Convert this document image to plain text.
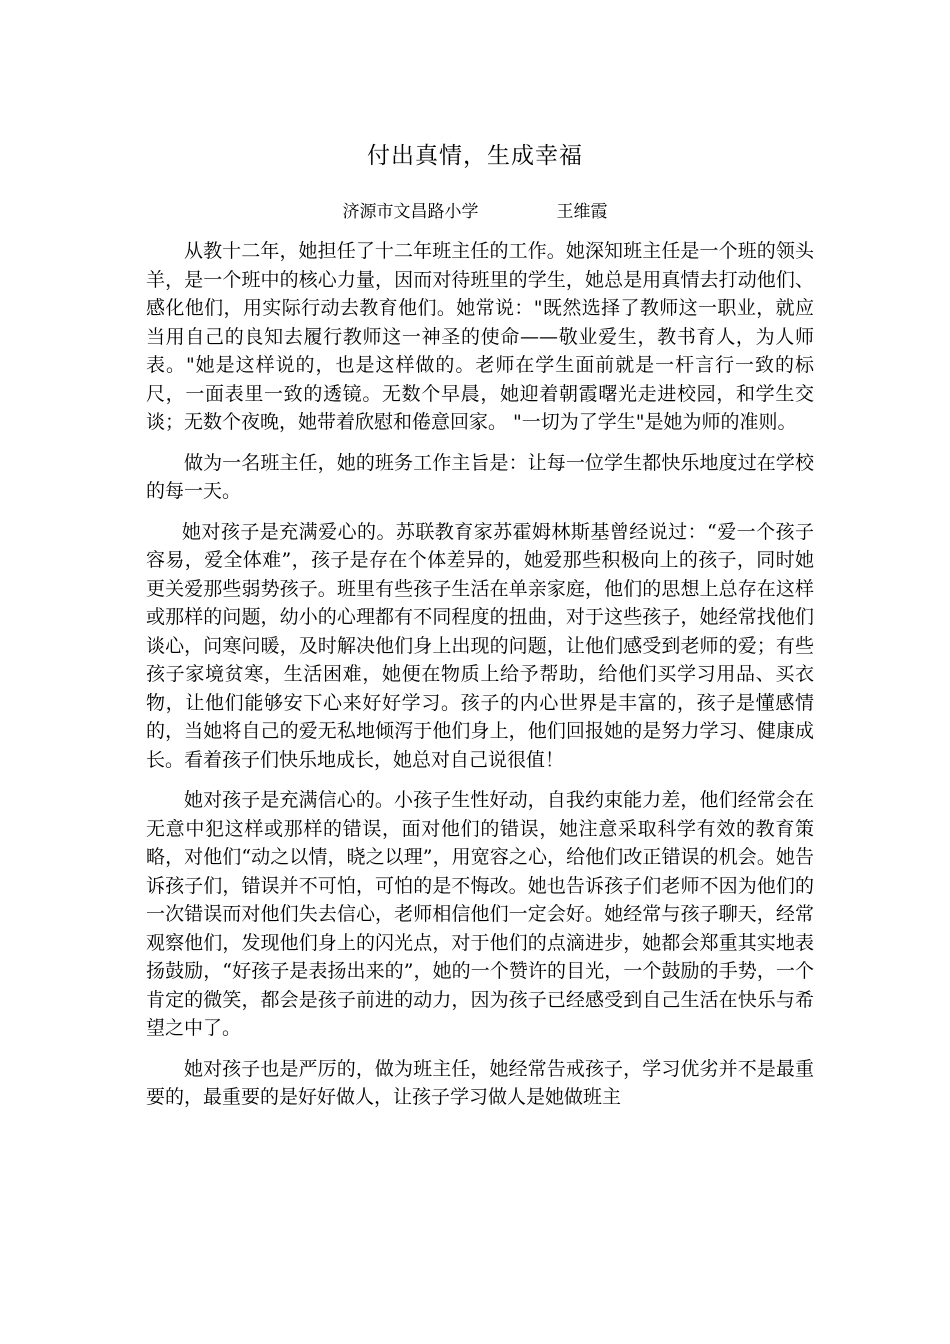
付出真情，生成幸福
济源市文昌路小学	王维霞

从教十二年，她担任了十二年班主任的工作。她深知班主任是一个班的领头羊，是一个班中的核心力量，因而对待班里的学生，她总是用真情去打动他们、感化他们，用实际行动去教育他们。她常说："既然选择了教师这一职业，就应当用自己的良知去履行教师这一神圣的使命——敬业爱生，教书育人，为人师表。"她是这样说的，也是这样做的。老师在学生面前就是一杆言行一致的标尺，一面表里一致的透镜。无数个早晨，她迎着朝霞曙光走进校园，和学生交谈；无数个夜晚，她带着欣慰和倦意回家。 "一切为了学生"是她为师的准则。

做为一名班主任，她的班务工作主旨是：让每一位学生都快乐地度过在学校的每一天。

她对孩子是充满爱心的。苏联教育家苏霍姆林斯基曾经说过：“爱一个孩子容易，爱全体难”，孩子是存在个体差异的，她爱那些积极向上的孩子，同时她更关爱那些弱势孩子。班里有些孩子生活在单亲家庭，他们的思想上总存在这样或那样的问题，幼小的心理都有不同程度的扭曲，对于这些孩子，她经常找他们谈心，问寒问暖，及时解决他们身上出现的问题，让他们感受到老师的爱；有些孩子家境贫寒，生活困难，她便在物质上给予帮助，给他们买学习用品、买衣物，让他们能够安下心来好好学习。孩子的内心世界是丰富的，孩子是懂感情的，当她将自己的爱无私地倾泻于他们身上，他们回报她的是努力学习、健康成长。看着孩子们快乐地成长，她总对自己说很值！

她对孩子是充满信心的。小孩子生性好动，自我约束能力差，他们经常会在无意中犯这样或那样的错误，面对他们的错误，她注意采取科学有效的教育策略，对他们“动之以情，晓之以理”，用宽容之心，给他们改正错误的机会。她告诉孩子们，错误并不可怕，可怕的是不悔改。她也告诉孩子们老师不因为他们的一次错误而对他们失去信心，老师相信他们一定会好。她经常与孩子聊天，经常观察他们，发现他们身上的闪光点，对于他们的点滴进步，她都会郑重其实地表扬鼓励，“好孩子是表扬出来的”，她的一个赞许的目光，一个鼓励的手势，一个肯定的微笑，都会是孩子前进的动力，因为孩子已经感受到自己生活在快乐与希望之中了。

她对孩子也是严厉的，做为班主任，她经常告戒孩子，学习优劣并不是最重要的，最重要的是好好做人，让孩子学习做人是她做班主
